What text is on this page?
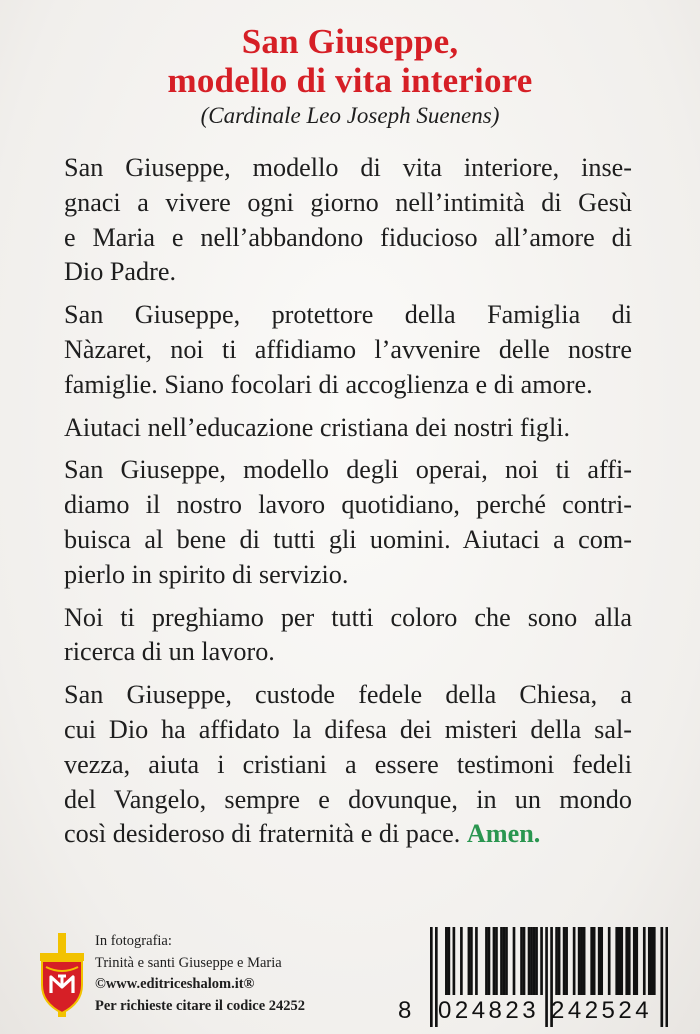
San Giuseppe,
modello di vita interiore
(Cardinale Leo Joseph Suenens)

San Giuseppe, modello di vita interiore, inse-

gnaci a vivere ogni giorno nell’intimità di Gesù

e Maria e nell’abbandono fiducioso all’amore di

Dio Padre.

San Giuseppe, protettore della Famiglia di

Nàzaret, noi ti affidiamo l’avvenire delle nostre

famiglie. Siano focolari di accoglienza e di amore.

Aiutaci nell’educazione cristiana dei nostri figli.

San Giuseppe, modello degli operai, noi ti affi-

diamo il nostro lavoro quotidiano, perché contri-

buisca al bene di tutti gli uomini. Aiutaci a com-

pierlo in spirito di servizio.

Noi ti preghiamo per tutti coloro che sono alla

ricerca di un lavoro.

San Giuseppe, custode fedele della Chiesa, a

cui Dio ha affidato la difesa dei misteri della sal-

vezza, aiuta i cristiani a essere testimoni fedeli

del Vangelo, sempre e dovunque, in un mondo

così desideroso di fraternità e di pace. Amen.

In fotografia:
Trinità e santi Giuseppe e Maria
©www.editriceshalom.it®
Per richieste citare il codice 24252	8 024823 242524
